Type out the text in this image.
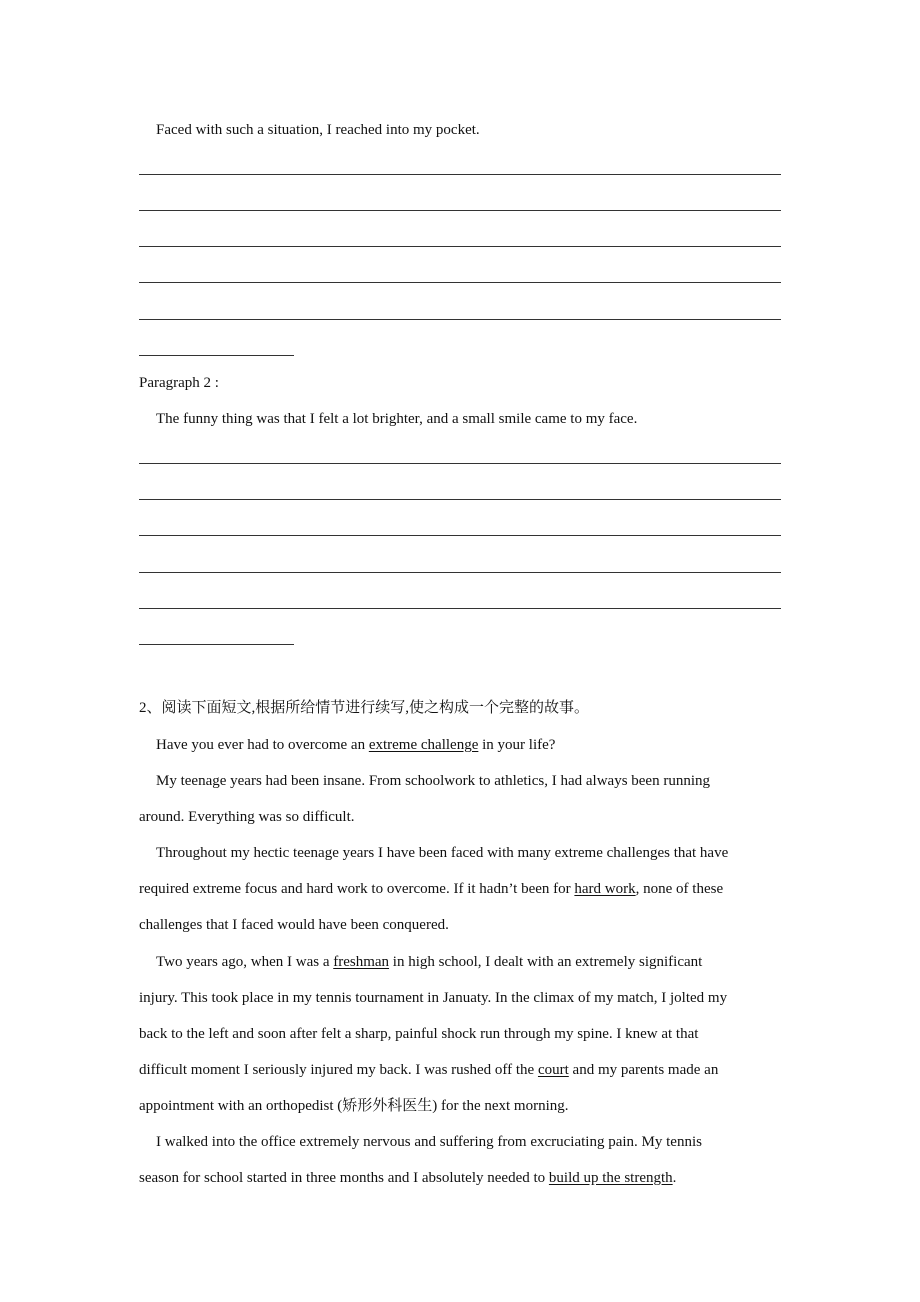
Faced with such a situation, I reached into my pocket.
Paragraph 2 :
The funny thing was that I felt a lot brighter, and a small smile came to my face.
2、阅读下面短文,根据所给情节进行续写,使之构成一个完整的故事。
Have you ever had to overcome an extreme challenge in your life?
My teenage years had been insane. From schoolwork to athletics, I had always been running
around. Everything was so difficult.
Throughout my hectic teenage years I have been faced with many extreme challenges that have
required extreme focus and hard work to overcome. If it hadn’t been for hard work, none of these
challenges that I faced would have been conquered.
Two years ago, when I was a freshman in high school, I dealt with an extremely significant
injury. This took place in my tennis tournament in Januaty. In the climax of my match, I jolted my
back to the left and soon after felt a sharp, painful shock run through my spine. I knew at that
difficult moment I seriously injured my back. I was rushed off the court and my parents made an
appointment with an orthopedist (矫形外科医生) for the next morning.
I walked into the office extremely nervous and suffering from excruciating pain. My tennis
season for school started in three months and I absolutely needed to build up the strength.
